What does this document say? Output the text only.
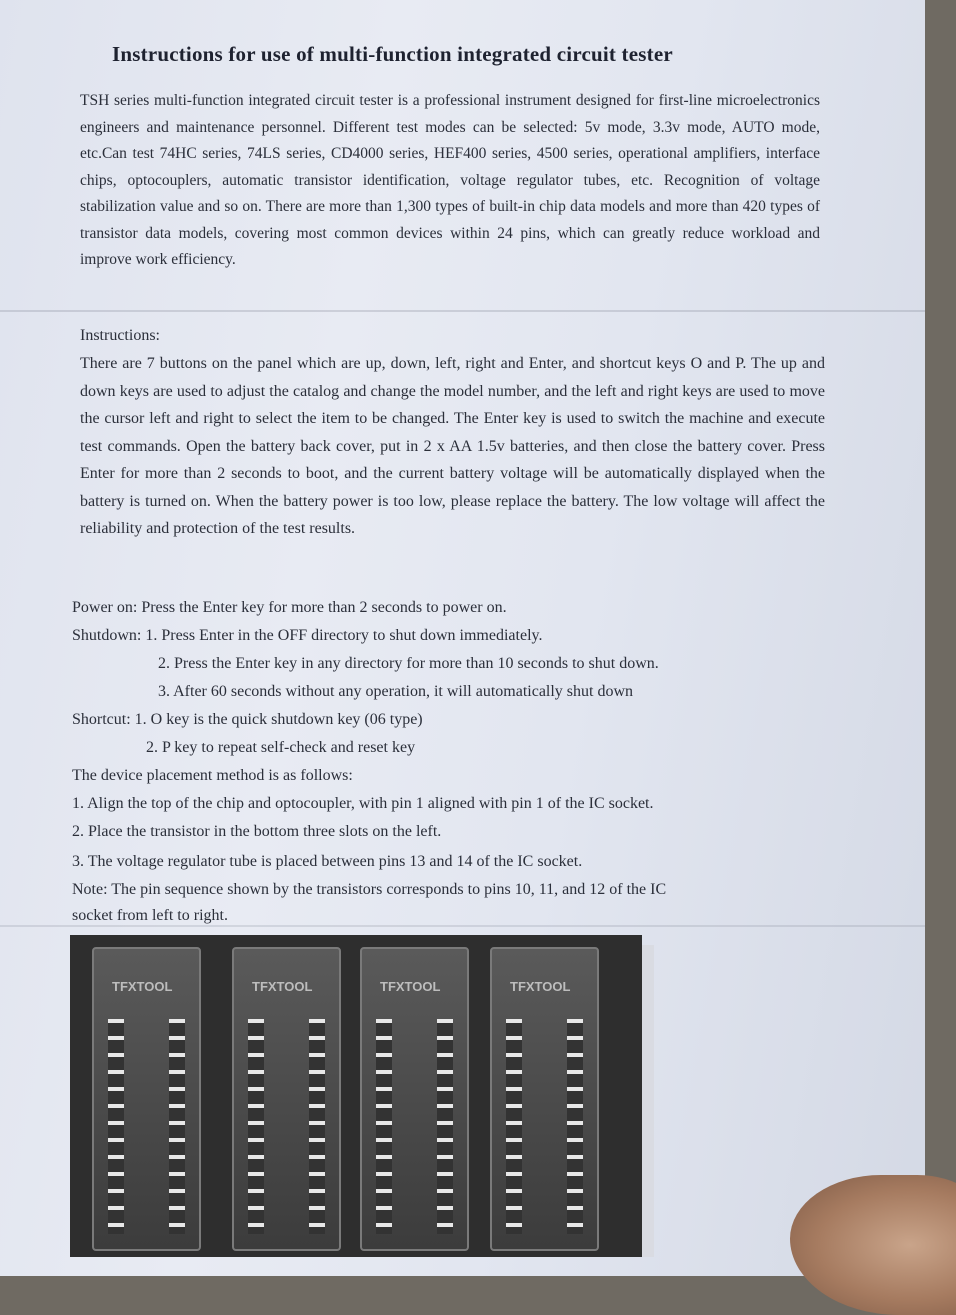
Instructions for use of multi-function integrated circuit tester

TSH series multi-function integrated circuit tester is a professional instrument designed for first-line microelectronics engineers and maintenance personnel. Different test modes can be selected: 5v mode, 3.3v mode, AUTO mode, etc.Can test 74HC series, 74LS series, CD4000 series, HEF400 series, 4500 series, operational amplifiers, interface chips, optocouplers, automatic transistor identification, voltage regulator tubes, etc. Recognition of voltage stabilization value and so on. There are more than 1,300 types of built-in chip data models and more than 420 types of transistor data models, covering most common devices within 24 pins, which can greatly reduce workload and improve work efficiency.

Instructions:

There are 7 buttons on the panel which are up, down, left, right and Enter, and shortcut keys O and P. The up and down keys are used to adjust the catalog and change the model number, and the left and right keys are used to move the cursor left and right to select the item to be changed. The Enter key is used to switch the machine and execute test commands. Open the battery back cover, put in 2 x AA 1.5v batteries, and then close the battery cover. Press Enter for more than 2 seconds to boot, and the current battery voltage will be automatically displayed when the battery is turned on. When the battery power is too low, please replace the battery. The low voltage will affect the reliability and protection of the test results.

Power on: Press the Enter key for more than 2 seconds to power on.

Shutdown: 1. Press Enter in the OFF directory to shut down immediately.

2. Press the Enter key in any directory for more than 10 seconds to shut down.

3. After 60 seconds without any operation, it will automatically shut down

Shortcut: 1. O key is the quick shutdown key (06 type)

2. P key to repeat self-check and reset key

The device placement method is as follows:

1. Align the top of the chip and optocoupler, with pin 1 aligned with pin 1 of the IC socket.

2. Place the transistor in the bottom three slots on the left.

3. The voltage regulator tube is placed between pins 13 and 14 of the IC socket.

Note: The pin sequence shown by the transistors corresponds to pins 10, 11, and 12 of the IC

socket from left to right.

TFXTOOL	TFXTOOL	TFXTOOL	TFXTOOL
